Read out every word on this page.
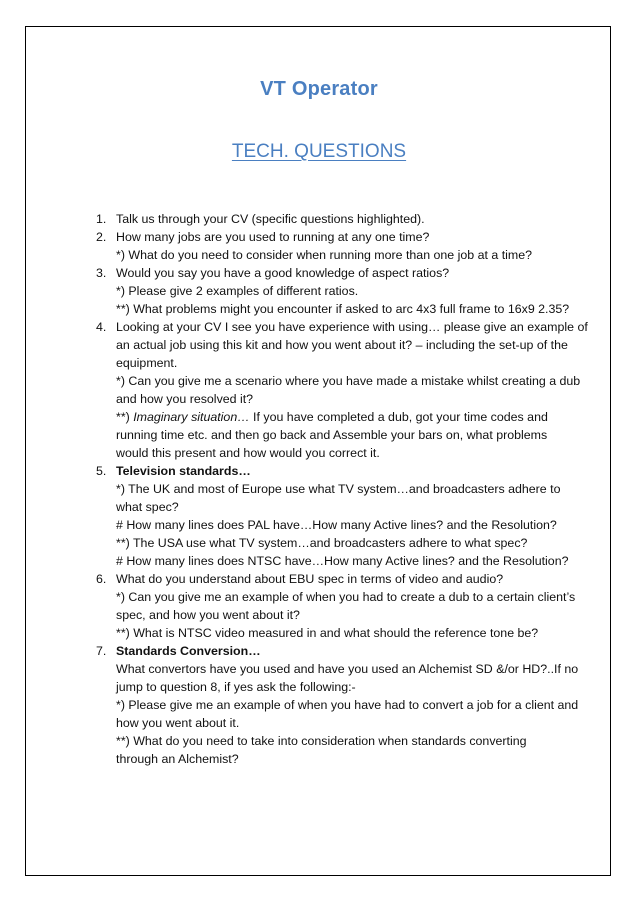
VT Operator
TECH. QUESTIONS
1. Talk us through your CV (specific questions highlighted).
2. How many jobs are you used to running at any one time?
*) What do you need to consider when running more than one job at a time?
3. Would you say you have a good knowledge of aspect ratios?
*) Please give 2 examples of different ratios.
**) What problems might you encounter if asked to arc 4x3 full frame to 16x9 2.35?
4. Looking at your CV I see you have experience with using… please give an example of
an actual job using this kit and how you went about it? – including the set-up of the
equipment.
*) Can you give me a scenario where you have made a mistake whilst creating a dub
and how you resolved it?
**) Imaginary situation… If you have completed a dub, got your time codes and
running time etc. and then go back and Assemble your bars on, what problems
would this present and how would you correct it.
5. Television standards…
*) The UK and most of Europe use what TV system…and broadcasters adhere to
what spec?
# How many lines does PAL have…How many Active lines? and the Resolution?
**) The USA use what TV system…and broadcasters adhere to what spec?
# How many lines does NTSC have…How many Active lines? and the Resolution?
6. What do you understand about EBU spec in terms of video and audio?
*) Can you give me an example of when you had to create a dub to a certain client’s
spec, and how you went about it?
**) What is NTSC video measured in and what should the reference tone be?
7. Standards Conversion…
What convertors have you used and have you used an Alchemist SD &/or HD?..If no
jump to question 8, if yes ask the following:-
*) Please give me an example of when you have had to convert a job for a client and
how you went about it.
**) What do you need to take into consideration when standards converting
through an Alchemist?
